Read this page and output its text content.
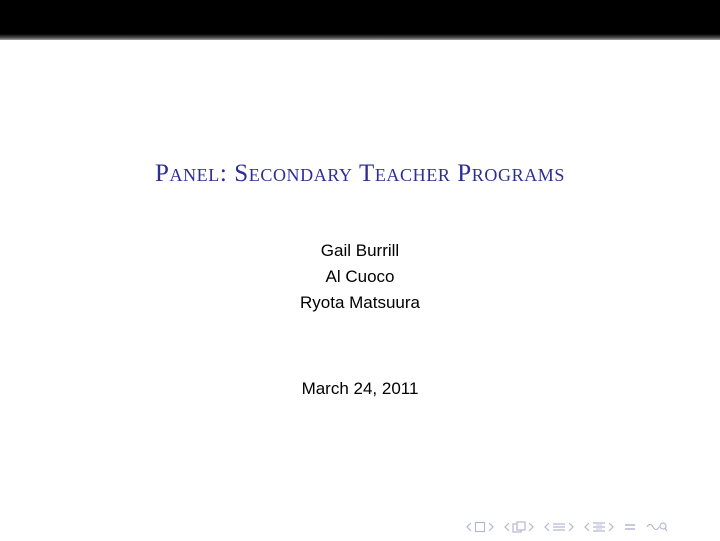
Panel: Secondary Teacher Programs
Gail Burrill
Al Cuoco
Ryota Matsuura
March 24, 2011
